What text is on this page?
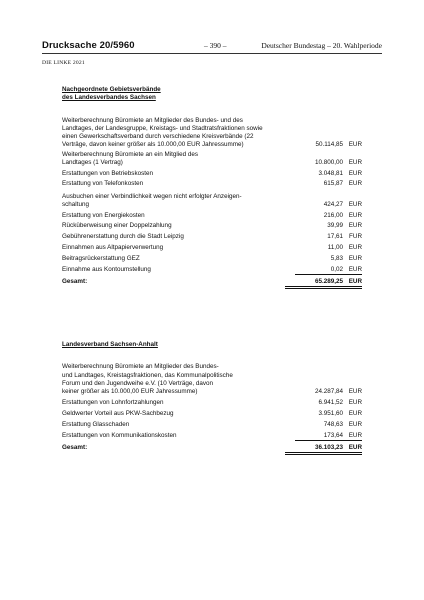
Drucksache 20/5960	– 390 –	Deutscher Bundestag – 20. Wahlperiode
DIE LINKE 2021
Nachgeordnete Gebietsverbände
des Landesverbandes Sachsen
Weiterberechnung Büromiete an Mitglieder des Bundes- und des
Landtages, der Landesgruppe, Kreistags- und Stadtratsfraktionen sowie
einen Gewerkschaftsverband durch verschiedene Kreisverbände (22
Verträge, davon keiner größer als 10.000,00 EUR Jahressumme)	50.114,85 EUR
Weiterberechnung Büromiete an ein Mitglied des
Landtages (1 Vertrag)	10.800,00 EUR
Erstattungen von Betriebskosten	3.048,81 EUR
Erstattung von Telefonkosten	615,87 EUR
Ausbuchen einer Verbindlichkeit wegen nicht erfolgter Anzeigen-
schaltung	424,27 EUR
Erstattung von Energiekosten	216,00 EUR
Rücküberweisung einer Doppelzahlung	39,99 EUR
Gebührenerstattung durch die Stadt Leipzig	17,61 FUR
Einnahmen aus Altpapierverwertung	11,00 EUR
Beitragsrückerstattung GEZ	5,83 EUR
Einnahme aus Kontoumstellung	0,02 EUR
Gesamt:	65.289,25 EUR
Landesverband Sachsen-Anhalt
Weiterberechnung Büromiete an Mitglieder des Bundes-
und Landtages, Kreistagsfraktionen, das Kommunalpolitische
Forum und den Jugendweihe e.V. (10 Verträge, davon
keiner größer als 10.000,00 EUR Jahressumme)	24.287,84 EUR
Erstattungen von Lohnfortzahlungen	6.941,52 EUR
Geldwerter Vorteil aus PKW-Sachbezug	3.951,60 EUR
Erstattung Glasschaden	748,63 EUR
Erstattungen von Kommunikationskosten	173,64 EUR
Gesamt:	36.103,23 EUR
